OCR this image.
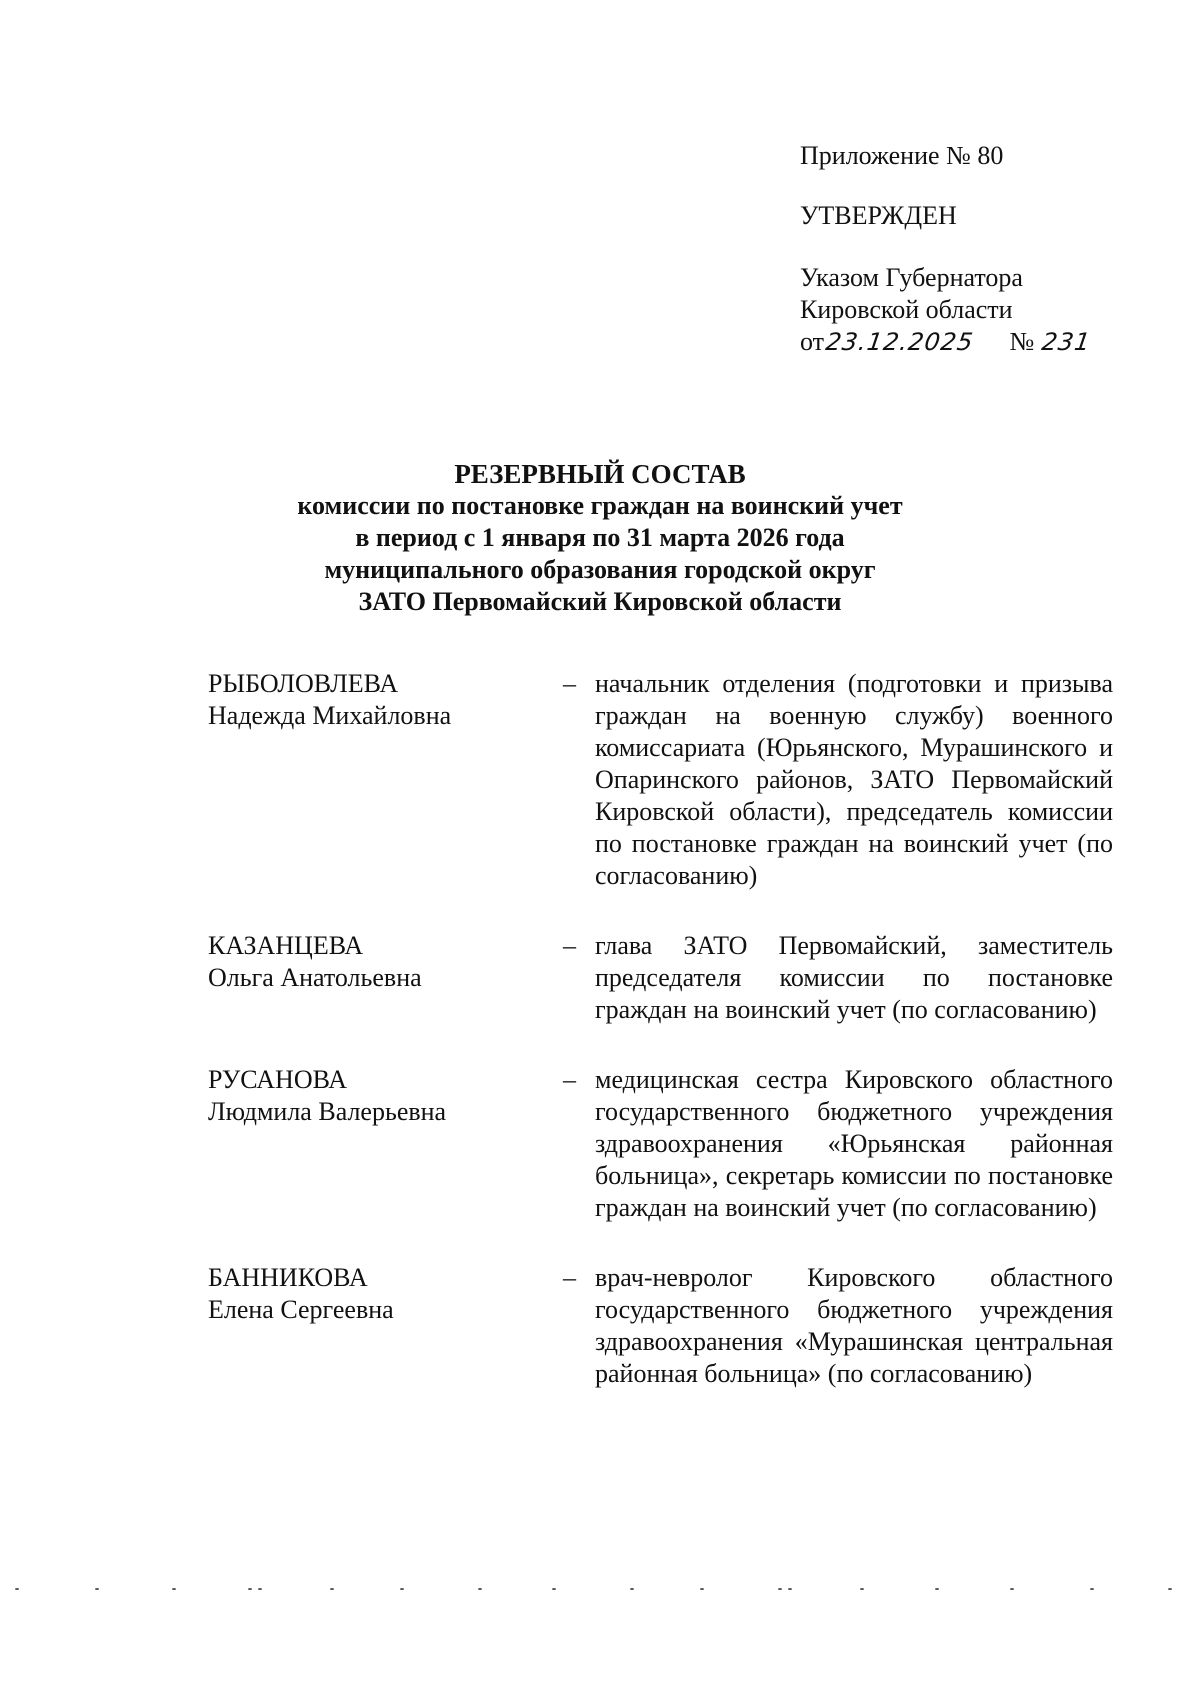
Приложение № 80
УТВЕРЖДЕН
Указом Губернатора
Кировской области
от23.12.2025 № 231
РЕЗЕРВНЫЙ СОСТАВ
комиссии по постановке граждан на воинский учет
в период с 1 января по 31 марта 2026 года
муниципального образования городской округ
ЗАТО Первомайский Кировской области
РЫБОЛОВЛЕВА
Надежда Михайловна
– начальник отделения (подготовки и призыва граждан на военную службу) военного комиссариата (Юрьянского, Мурашинского и Опаринского районов, ЗАТО Первомайский Кировской области), председатель комиссии по постановке граждан на воинский учет (по согласованию)
КАЗАНЦЕВА
Ольга Анатольевна
– глава ЗАТО Первомайский, заместитель председателя комиссии по постановке граждан на воинский учет (по согласованию)
РУСАНОВА
Людмила Валерьевна
– медицинская сестра Кировского областного государственного бюджетного учреждения здравоохранения «Юрьянская районная больница», секретарь комиссии по постановке граждан на воинский учет (по согласованию)
БАННИКОВА
Елена Сергеевна
– врач-невролог Кировского областного государственного бюджетного учреждения здравоохранения «Мурашинская центральная районная больница» (по согласованию)
